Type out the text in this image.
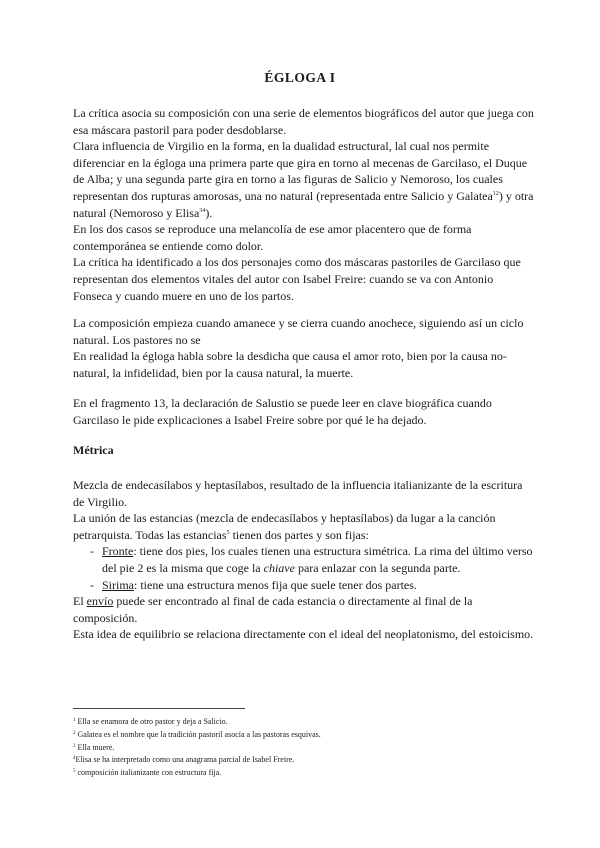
ÉGLOGA I

La crítica asocia su composición con una serie de elementos biográficos del autor que juega con esa máscara pastoril para poder desdoblarse.

Clara influencia de Virgilio en la forma, en la dualidad estructural, lal cual nos permite diferenciar en la égloga una primera parte que gira en torno al mecenas de Garcilaso, el Duque de Alba; y una segunda parte gira en torno a las figuras de Salicio y Nemoroso, los cuales representan dos rupturas amorosas, una no natural (representada entre Salicio y Galatea$^{12}$) y otra natural (Nemoroso y Elisa$^{34}$).

En los dos casos se reproduce una melancolía de ese amor placentero que de forma contemporánea se entiende como dolor.

La crítica ha identificado a los dos personajes como dos máscaras pastoriles de Garcilaso que representan dos elementos vitales del autor con Isabel Freire: cuando se va con Antonio Fonseca y cuando muere en uno de los partos.

La composición empieza cuando amanece y se cierra cuando anochece, siguiendo así un ciclo natural. Los pastores no se

En realidad la égloga habla sobre la desdicha que causa el amor roto, bien por la causa no-natural, la infidelidad, bien por la causa natural, la muerte.

En el fragmento 13, la declaración de Salustio se puede leer en clave biográfica cuando Garcilaso le pide explicaciones a Isabel Freire sobre por qué le ha dejado.

Métrica

Mezcla de endecasílabos y heptasílabos, resultado de la influencia italianizante de la escritura de Virgilio.

La unión de las estancias (mezcla de endecasílabos y heptasílabos) da lugar a la canción petrarquista. Todas las estancias$^5$ tienen dos partes y son fijas:

- Fronte: tiene dos pies, los cuales tienen una estructura simétrica. La rima del último verso del pie 2 es la misma que coge la chiave para enlazar con la segunda parte.

- Sirima: tiene una estructura menos fija que suele tener dos partes.

El envío puede ser encontrado al final de cada estancia o directamente al final de la composición.

Esta idea de equilibrio se relaciona directamente con el ideal del neoplatonismo, del estoicismo.

$^1$ Ella se enamora de otro pastor y deja a Salicio.

$^2$ Galatea es el nombre que la tradición pastoril asocia a las pastoras esquivas.

$^3$ Ella muere.

$^4$Elisa se ha interpretado como una anagrama parcial de Isabel Freire.

$^5$ composición italianizante con estructura fija.
